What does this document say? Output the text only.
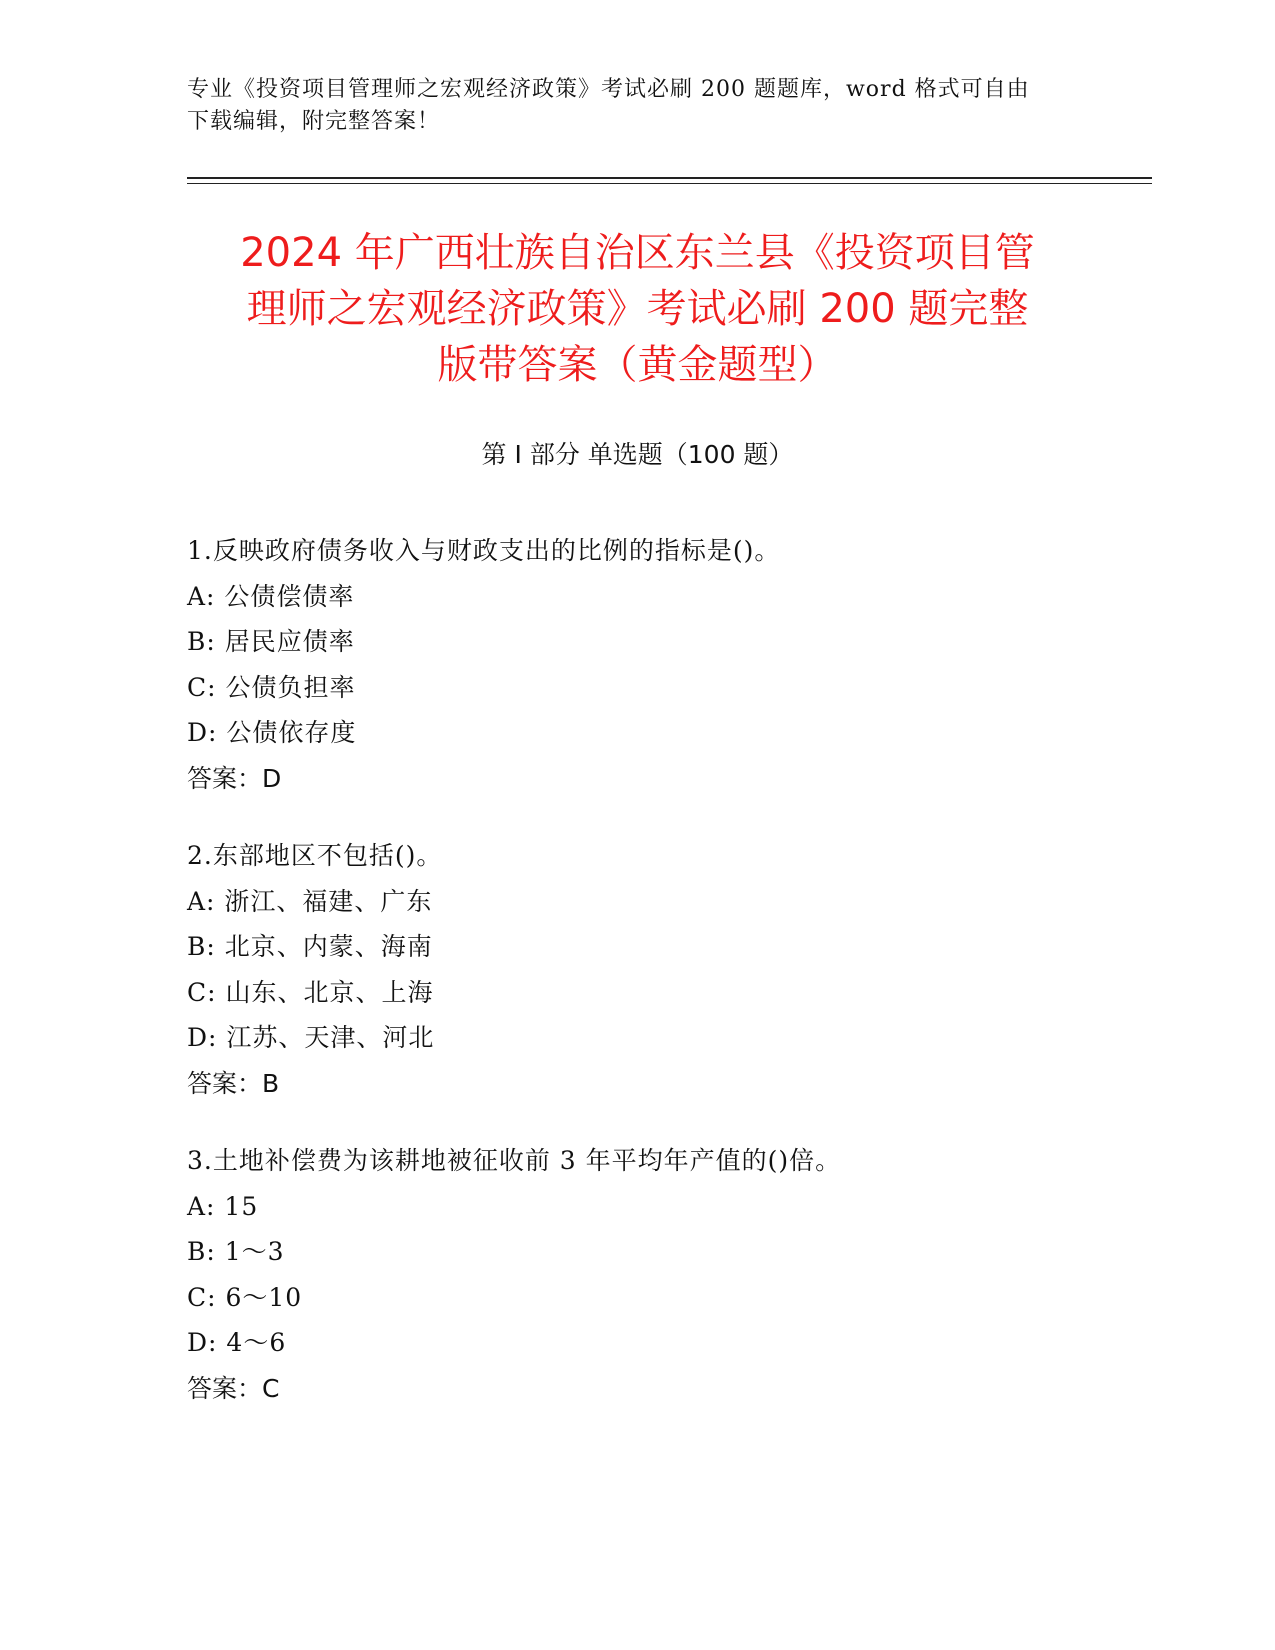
专业《投资项目管理师之宏观经济政策》考试必刷 200 题题库，word 格式可自由
下载编辑，附完整答案！
2024 年广西壮族自治区东兰县《投资项目管
理师之宏观经济政策》考试必刷 200 题完整
版带答案（黄金题型）
第 I 部分 单选题（100 题）
1.反映政府债务收入与财政支出的比例的指标是()。
A: 公债偿债率
B: 居民应债率
C: 公债负担率
D: 公债依存度
答案：D
2.东部地区不包括()。
A: 浙江、福建、广东
B: 北京、内蒙、海南
C: 山东、北京、上海
D: 江苏、天津、河北
答案：B
3.土地补偿费为该耕地被征收前 3 年平均年产值的()倍。
A: 15
B: 1～3
C: 6～10
D: 4～6
答案：C
